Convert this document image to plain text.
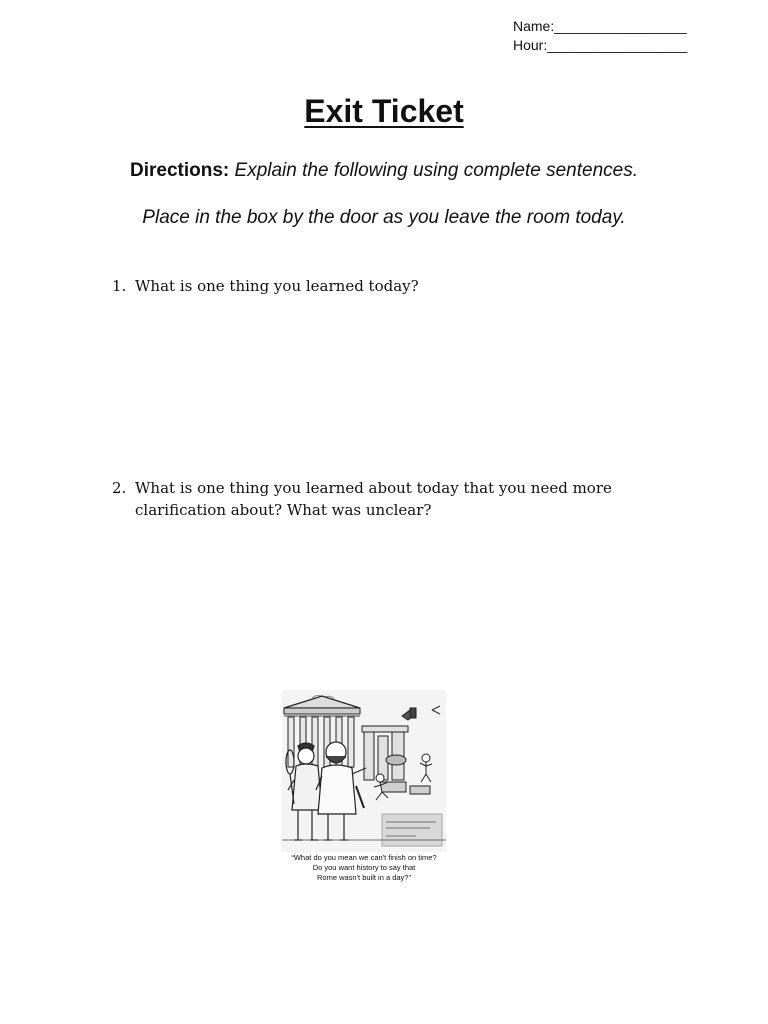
Name:_________________
Hour:__________________
Exit Ticket
Directions: Explain the following using complete sentences.
Place in the box by the door as you leave the room today.
1. What is one thing you learned today?
2. What is one thing you learned about today that you need more clarification about? What was unclear?
“What do you mean we can't finish on time?
Do you want history to say that
Rome wasn't built in a day?”
